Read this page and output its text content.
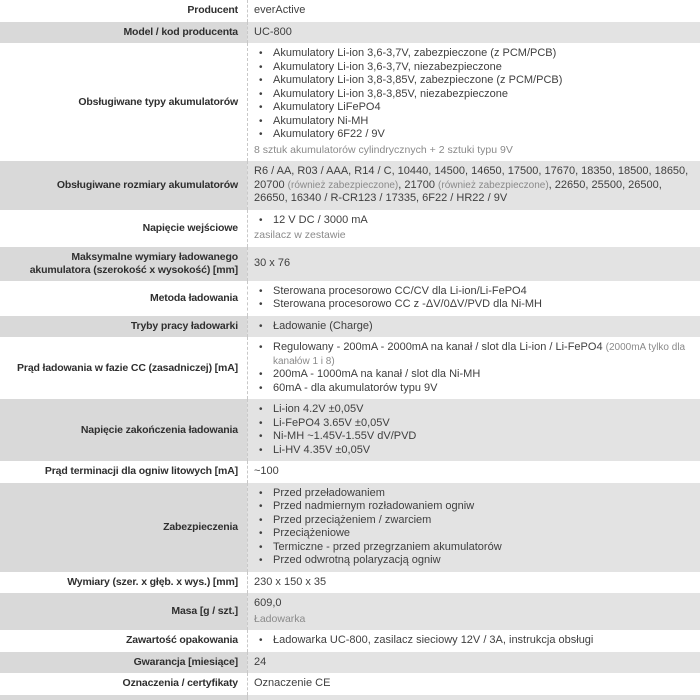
Producent everActive
Model / kod producenta UC-800
Obsługiwane typy akumulatorów
• Akumulatory Li-ion 3,6-3,7V, zabezpieczone (z PCM/PCB)
• Akumulatory Li-ion 3,6-3,7V, niezabezpieczone
• Akumulatory Li-ion 3,8-3,85V, zabezpieczone (z PCM/PCB)
• Akumulatory Li-ion 3,8-3,85V, niezabezpieczone
• Akumulatory LiFePO4
• Akumulatory Ni-MH
• Akumulatory 6F22 / 9V
8 sztuk akumulatorów cylindrycznych + 2 sztuki typu 9V
Obsługiwane rozmiary akumulatorów
R6 / AA, R03 / AAA, R14 / C, 10440, 14500, 14650, 17500, 17670, 18350, 18500, 18650, 20700 (również zabezpieczone), 21700 (również zabezpieczone), 22650, 25500, 26500, 26650, 16340 / R-CR123 / 17335, 6F22 / HR22 / 9V
Napięcie wejściowe
• 12 V DC / 3000 mA
zasilacz w zestawie
Maksymalne wymiary ładowanego akumulatora (szerokość x wysokość) [mm]
30 x 76
Metoda ładowania
• Sterowana procesorowo CC/CV dla Li-ion/Li-FePO4
• Sterowana procesorowo CC z -ΔV/0ΔV/PVD dla Ni-MH
Tryby pracy ładowarki • Ładowanie (Charge)
Prąd ładowania w fazie CC (zasadniczej) [mA]
• Regulowany - 200mA - 2000mA na kanał / slot dla Li-ion / Li-FePO4 (2000mA tylko dla kanałów 1 i 8)
• 200mA - 1000mA na kanał / slot dla Ni-MH
• 60mA - dla akumulatorów typu 9V
Napięcie zakończenia ładowania
• Li-ion 4.2V ±0,05V
• Li-FePO4 3.65V ±0,05V
• Ni-MH ~1.45V-1.55V dV/PVD
• Li-HV 4.35V ±0,05V
Prąd terminacji dla ogniw litowych [mA] ~100
Zabezpieczenia
• Przed przeładowaniem
• Przed nadmiernym rozładowaniem ogniw
• Przed przeciążeniem / zwarciem
• Przeciążeniowe
• Termiczne - przed przegrzaniem akumulatorów
• Przed odwrotną polaryzacją ogniw
Wymiary (szer. x głęb. x wys.) [mm] 230 x 150 x 35
Masa [g / szt.]
609,0
Ładowarka
Zawartość opakowania • Ładowarka UC-800, zasilacz sieciowy 12V / 3A, instrukcja obsługi
Gwarancja [miesiące] 24
Oznaczenia / certyfikaty Oznaczenie CE
